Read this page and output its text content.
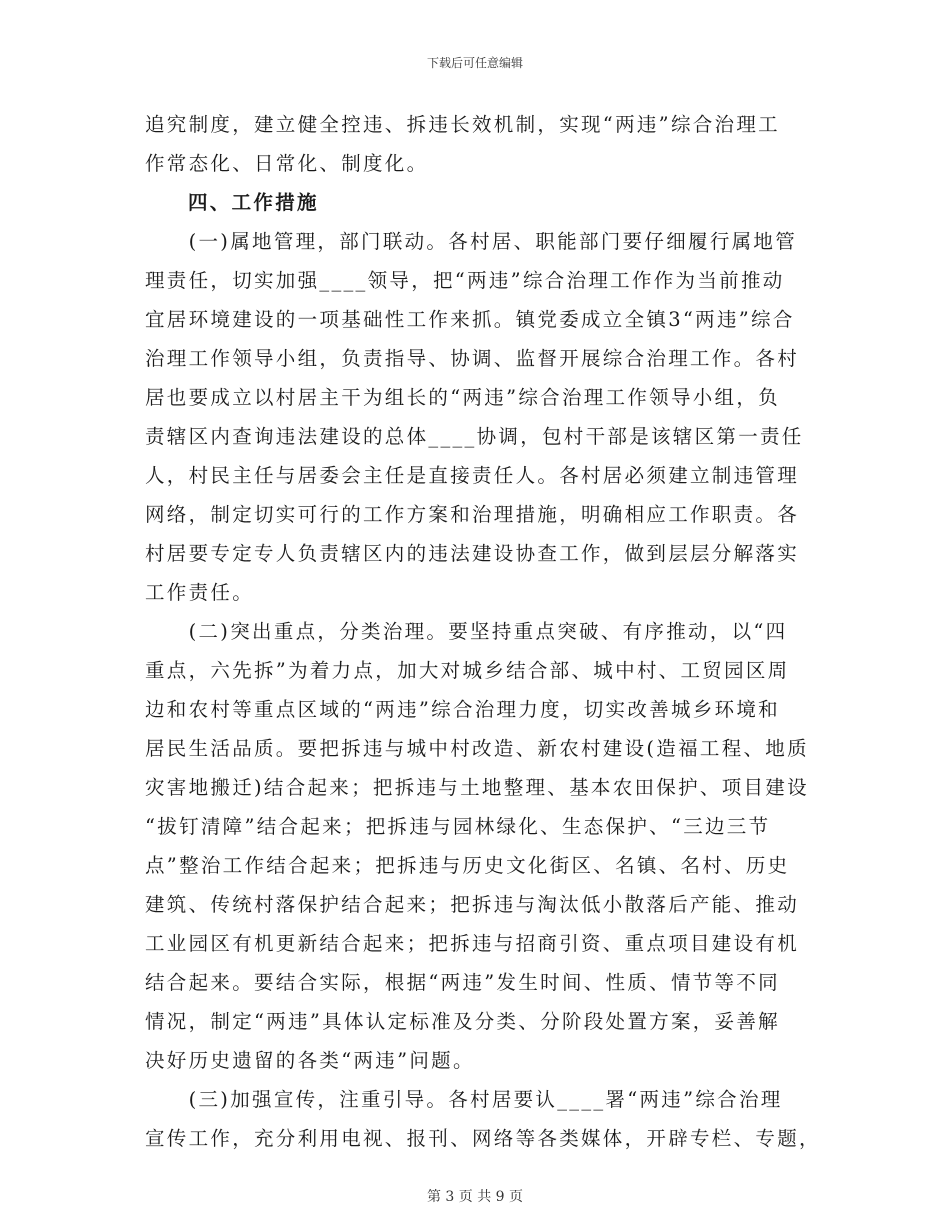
下载后可任意编辑
追究制度，建立健全控违、拆违长效机制，实现“两违”综合治理工
作常态化、日常化、制度化。
四、工作措施
　　(一)属地管理，部门联动。各村居、职能部门要仔细履行属地管
理责任，切实加强____领导，把“两违”综合治理工作作为当前推动
宜居环境建设的一项基础性工作来抓。镇党委成立全镇3“两违”综合
治理工作领导小组，负责指导、协调、监督开展综合治理工作。各村
居也要成立以村居主干为组长的“两违”综合治理工作领导小组，负
责辖区内查询违法建设的总体____协调，包村干部是该辖区第一责任
人，村民主任与居委会主任是直接责任人。各村居必须建立制违管理
网络，制定切实可行的工作方案和治理措施，明确相应工作职责。各
村居要专定专人负责辖区内的违法建设协查工作，做到层层分解落实
工作责任。
　　(二)突出重点，分类治理。要坚持重点突破、有序推动，以“四
重点，六先拆”为着力点，加大对城乡结合部、城中村、工贸园区周
边和农村等重点区域的“两违”综合治理力度，切实改善城乡环境和
居民生活品质。要把拆违与城中村改造、新农村建设(造福工程、地质
灾害地搬迁)结合起来；把拆违与土地整理、基本农田保护、项目建设
“拔钉清障”结合起来；把拆违与园林绿化、生态保护、“三边三节
点”整治工作结合起来；把拆违与历史文化街区、名镇、名村、历史
建筑、传统村落保护结合起来；把拆违与淘汰低小散落后产能、推动
工业园区有机更新结合起来；把拆违与招商引资、重点项目建设有机
结合起来。要结合实际，根据“两违”发生时间、性质、情节等不同
情况，制定“两违”具体认定标准及分类、分阶段处置方案，妥善解
决好历史遗留的各类“两违”问题。
　　(三)加强宣传，注重引导。各村居要认____署“两违”综合治理
宣传工作，充分利用电视、报刊、网络等各类媒体，开辟专栏、专题，
第 3 页 共 9 页
